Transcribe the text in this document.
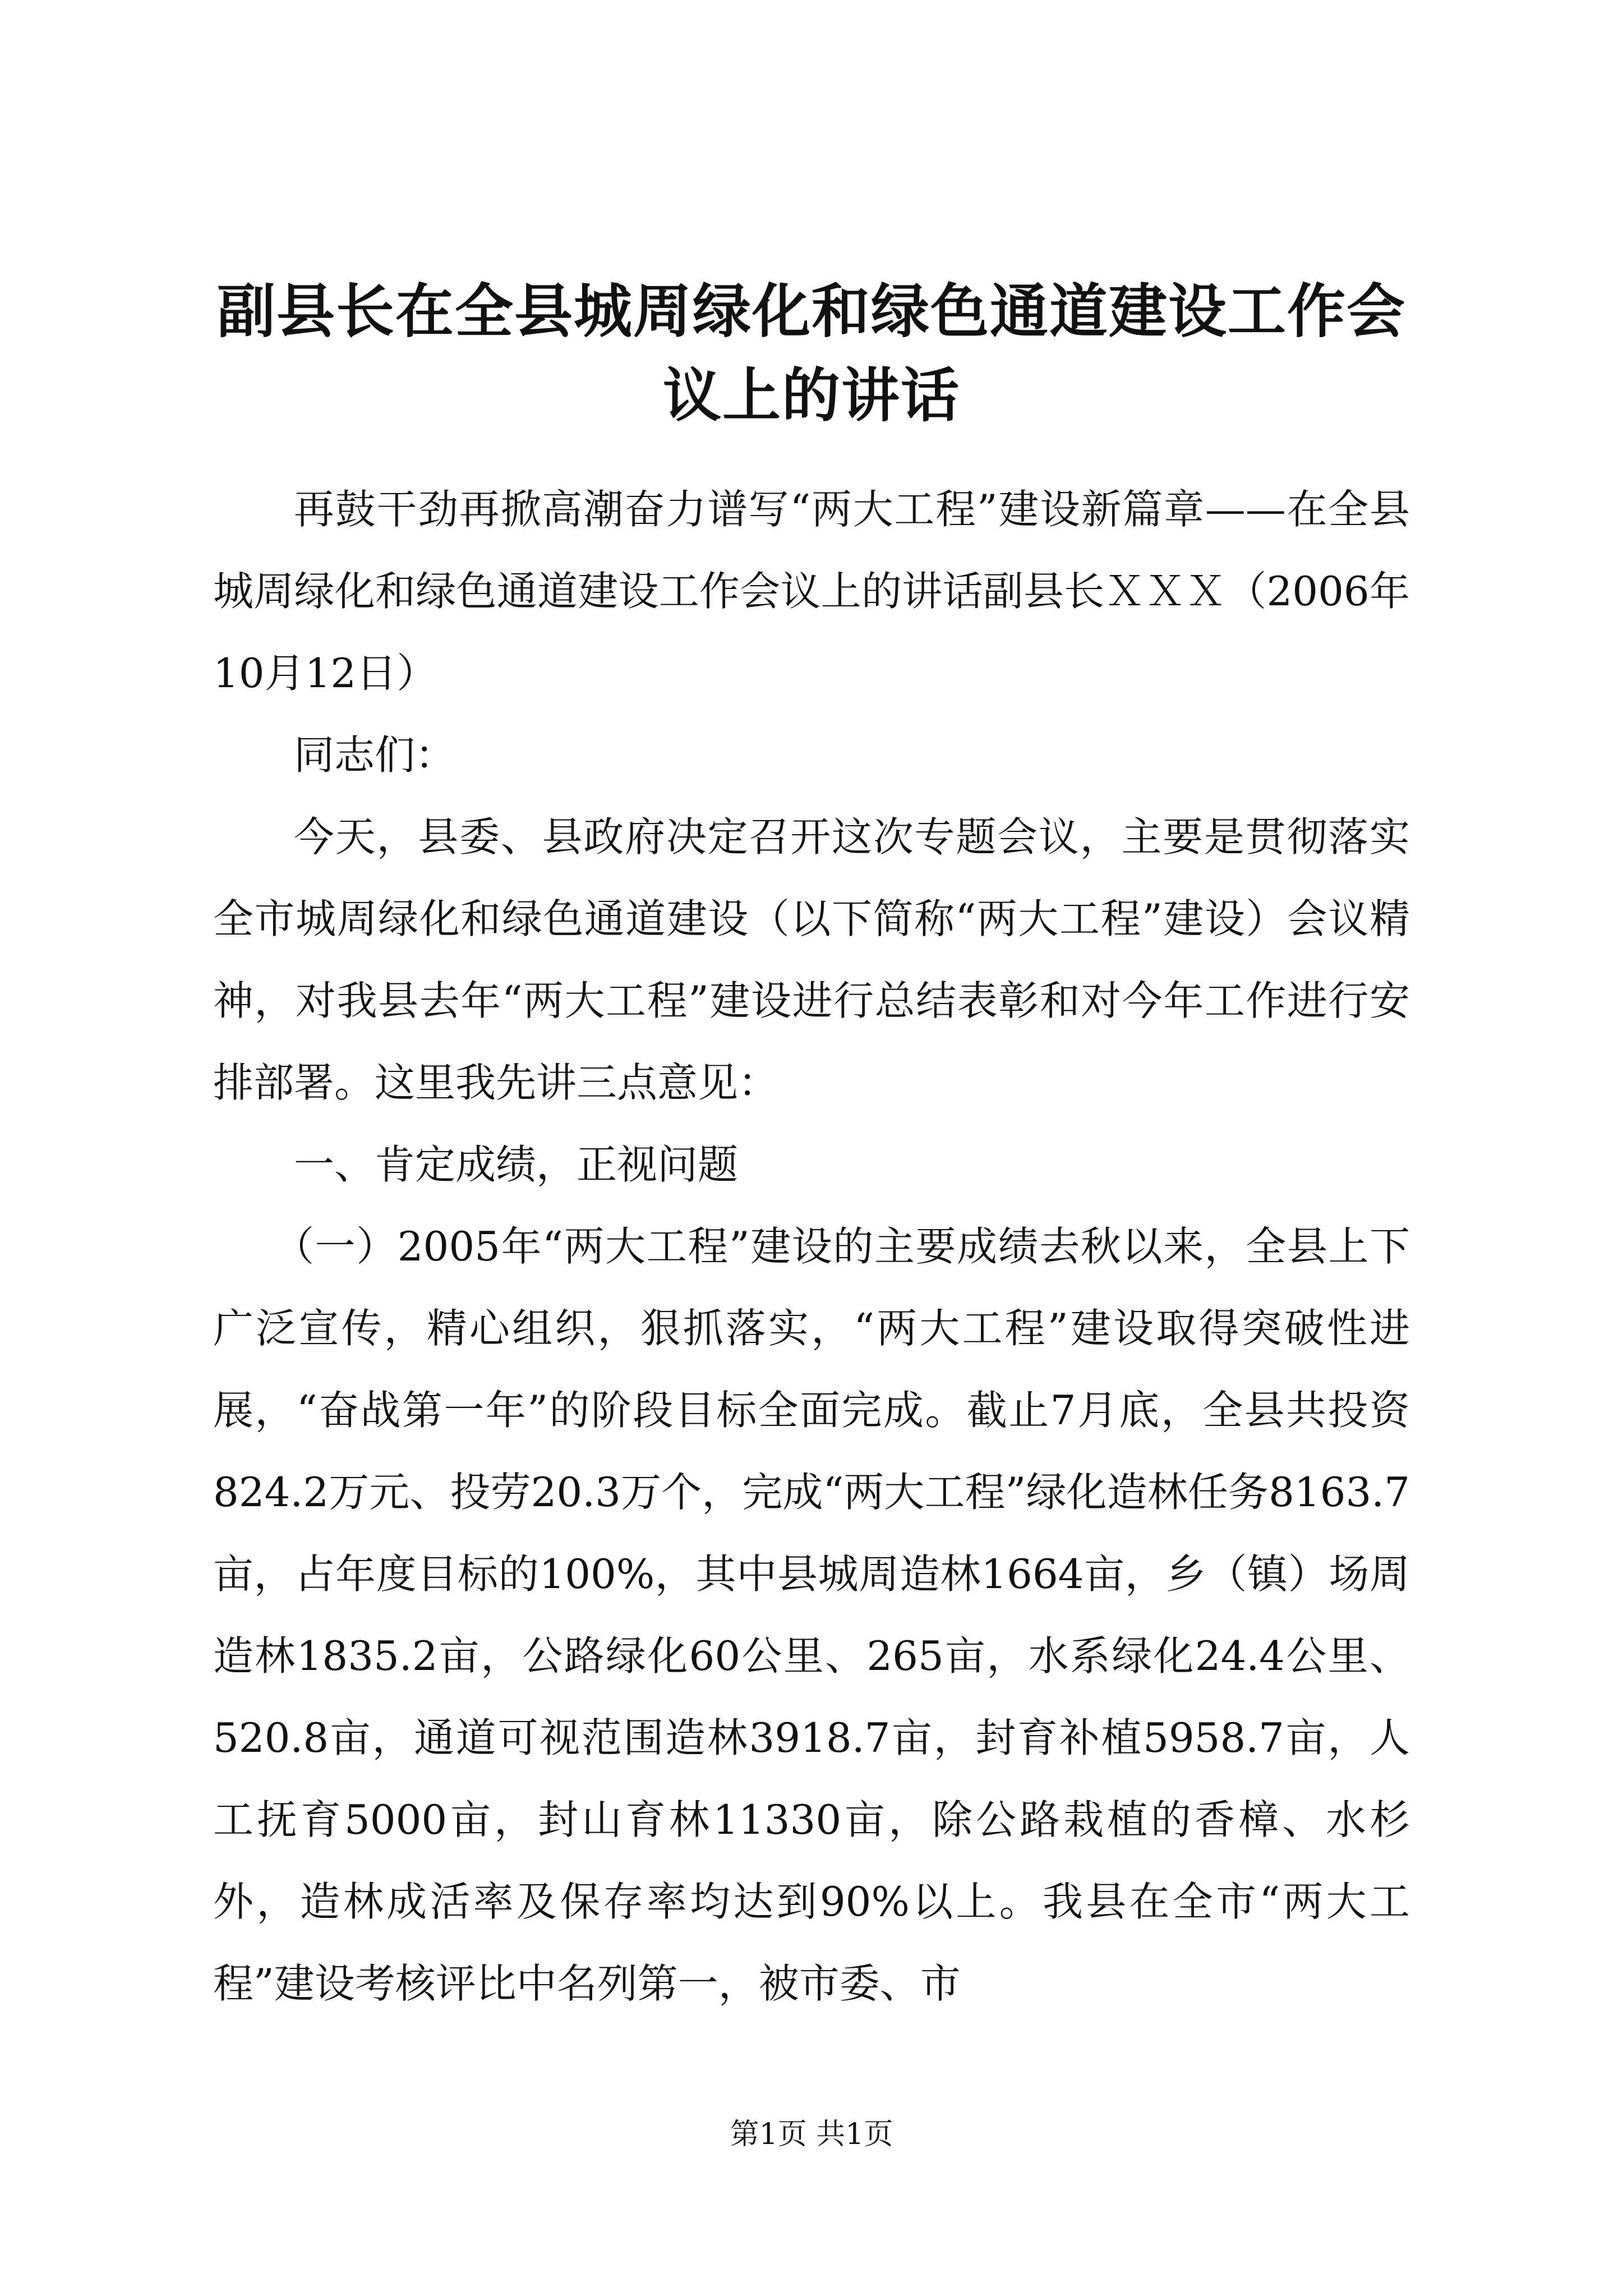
副县长在全县城周绿化和绿色通道建设工作会
议上的讲话

再鼓干劲再掀高潮奋力谱写“两大工程”建设新篇章——在全县城周绿化和绿色通道建设工作会议上的讲话副县长ＸＸＸ（2006年10月12日）

同志们：

今天，县委、县政府决定召开这次专题会议，主要是贯彻落实全市城周绿化和绿色通道建设（以下简称“两大工程”建设）会议精神，对我县去年“两大工程”建设进行总结表彰和对今年工作进行安排部署。这里我先讲三点意见：

一、肯定成绩，正视问题

（一）2005年“两大工程”建设的主要成绩去秋以来，全县上下广泛宣传，精心组织，狠抓落实，“两大工程”建设取得突破性进展，“奋战第一年”的阶段目标全面完成。截止7月底，全县共投资824.2万元、投劳20.3万个，完成“两大工程”绿化造林任务8163.7亩，占年度目标的100%，其中县城周造林1664亩，乡（镇）场周造林1835.2亩，公路绿化60公里、265亩，水系绿化24.4公里、520.8亩，通道可视范围造林3918.7亩，封育补植5958.7亩，人工抚育5000亩，封山育林11330亩，除公路栽植的香樟、水杉外，造林成活率及保存率均达到90%以上。我县在全市“两大工程”建设考核评比中名列第一，被市委、市

第1页 共1页
